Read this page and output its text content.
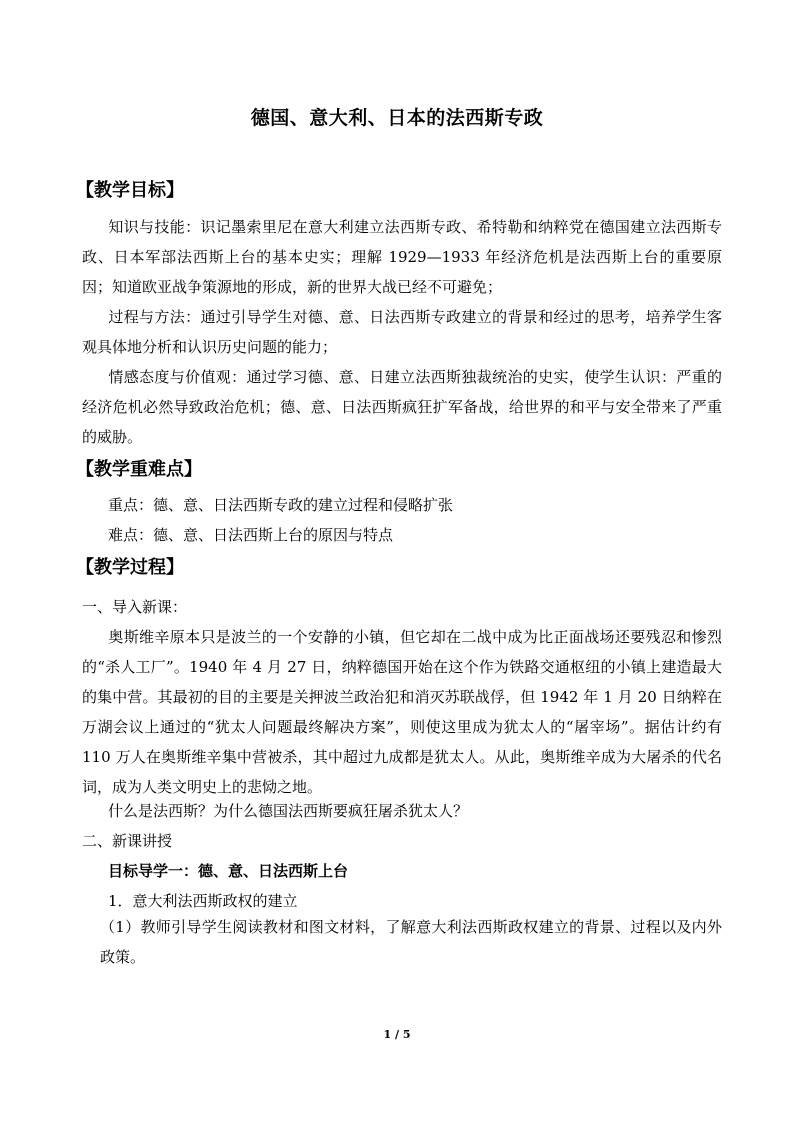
德国、意大利、日本的法西斯专政
【教学目标】
知识与技能：识记墨索里尼在意大利建立法西斯专政、希特勒和纳粹党在德国建立法西斯专政、日本军部法西斯上台的基本史实；理解 1929—1933 年经济危机是法西斯上台的重要原因；知道欧亚战争策源地的形成，新的世界大战已经不可避免；
过程与方法：通过引导学生对德、意、日法西斯专政建立的背景和经过的思考，培养学生客观具体地分析和认识历史问题的能力；
情感态度与价值观：通过学习德、意、日建立法西斯独裁统治的史实，使学生认识：严重的经济危机必然导致政治危机；德、意、日法西斯疯狂扩军备战，给世界的和平与安全带来了严重的威胁。
【教学重难点】
重点：德、意、日法西斯专政的建立过程和侵略扩张
难点：德、意、日法西斯上台的原因与特点
【教学过程】
一、导入新课：
奥斯维辛原本只是波兰的一个安静的小镇，但它却在二战中成为比正面战场还要残忍和惨烈的“杀人工厂”。1940 年 4 月 27 日，纳粹德国开始在这个作为铁路交通枢纽的小镇上建造最大的集中营。其最初的目的主要是关押波兰政治犯和消灭苏联战俘，但 1942 年 1 月 20 日纳粹在万湖会议上通过的“犹太人问题最终解决方案”，则使这里成为犹太人的“屠宰场”。据估计约有 110 万人在奥斯维辛集中营被杀，其中超过九成都是犹太人。从此，奥斯维辛成为大屠杀的代名词，成为人类文明史上的悲恸之地。
什么是法西斯？为什么德国法西斯要疯狂屠杀犹太人？
二、新课讲授
目标导学一：德、意、日法西斯上台
1．意大利法西斯政权的建立
（1）教师引导学生阅读教材和图文材料，了解意大利法西斯政权建立的背景、过程以及内外政策。
1 / 5
